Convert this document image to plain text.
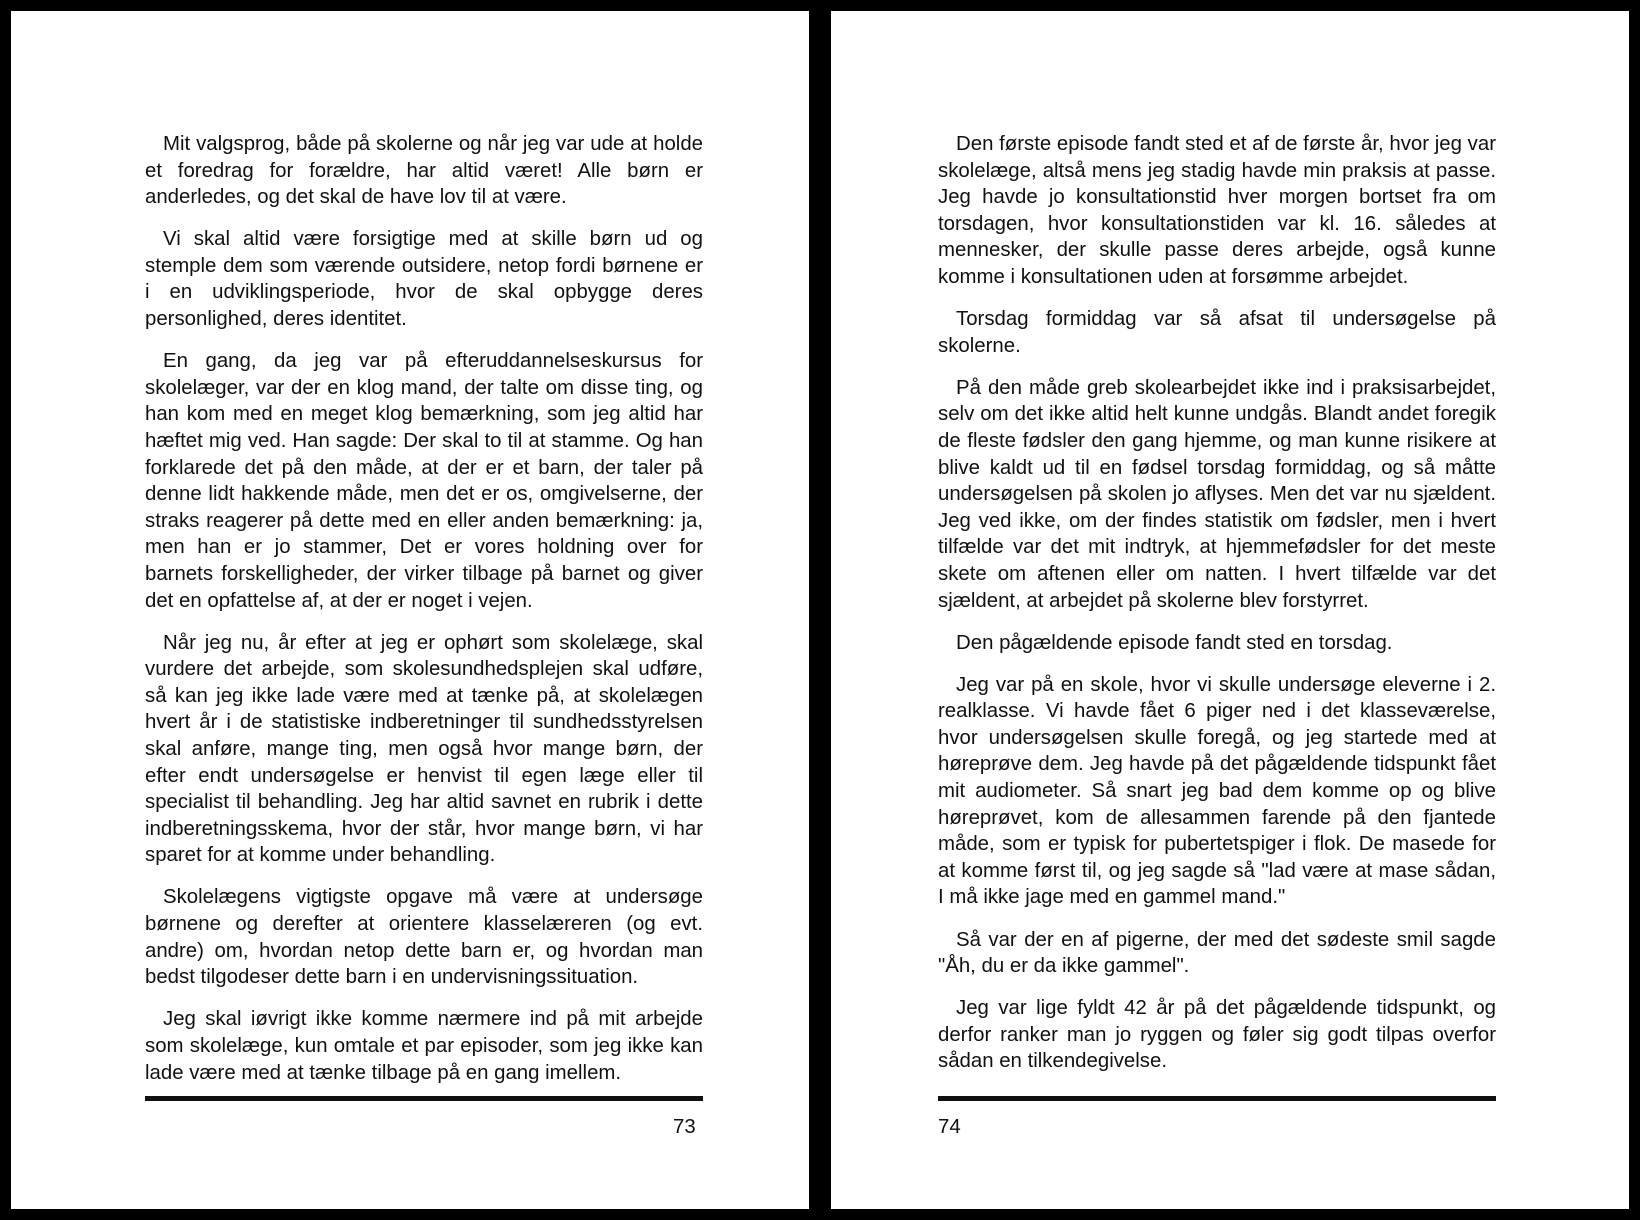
Mit valgsprog, både på skolerne og når jeg var ude at holde et foredrag for forældre, har altid været! Alle børn er anderledes, og det skal de have lov til at være.

Vi skal altid være forsigtige med at skille børn ud og stemple dem som værende outsidere, netop fordi børnene er i en udviklingsperiode, hvor de skal opbygge deres personlighed, deres identitet.

En gang, da jeg var på efteruddannelseskursus for skolelæger, var der en klog mand, der talte om disse ting, og han kom med en meget klog bemærkning, som jeg altid har hæftet mig ved. Han sagde: Der skal to til at stamme. Og han forklarede det på den måde, at der er et barn, der taler på denne lidt hakkende måde, men det er os, omgivelserne, der straks reagerer på dette med en eller anden bemærkning: ja, men han er jo stammer, Det er vores holdning over for barnets forskelligheder, der virker tilbage på barnet og giver det en opfattelse af, at der er noget i vejen.

Når jeg nu, år efter at jeg er ophørt som skolelæge, skal vurdere det arbejde, som skolesundhedsplejen skal udføre, så kan jeg ikke lade være med at tænke på, at skolelægen hvert år i de statistiske indberetninger til sundhedsstyrelsen skal anføre, mange ting, men også hvor mange børn, der efter endt undersøgelse er henvist til egen læge eller til specialist til behandling. Jeg har altid savnet en rubrik i dette indberetningsskema, hvor der står, hvor mange børn, vi har sparet for at komme under behandling.

Skolelægens vigtigste opgave må være at undersøge børnene og derefter at orientere klasselæreren (og evt. andre) om, hvordan netop dette barn er, og hvordan man bedst tilgodeser dette barn i en undervisningssituation.

Jeg skal iøvrigt ikke komme nærmere ind på mit arbejde som skolelæge, kun omtale et par episoder, som jeg ikke kan lade være med at tænke tilbage på en gang imellem.

73

Den første episode fandt sted et af de første år, hvor jeg var skolelæge, altså mens jeg stadig havde min praksis at passe. Jeg havde jo konsultationstid hver morgen bortset fra om torsdagen, hvor konsultationstiden var kl. 16. således at mennesker, der skulle passe deres arbejde, også kunne komme i konsultationen uden at forsømme arbejdet.

Torsdag formiddag var så afsat til undersøgelse på skolerne.

På den måde greb skolearbejdet ikke ind i praksisarbejdet, selv om det ikke altid helt kunne undgås. Blandt andet foregik de fleste fødsler den gang hjemme, og man kunne risikere at blive kaldt ud til en fødsel torsdag formiddag, og så måtte undersøgelsen på skolen jo aflyses. Men det var nu sjældent. Jeg ved ikke, om der findes statistik om fødsler, men i hvert tilfælde var det mit indtryk, at hjemmefødsler for det meste skete om aftenen eller om natten. I hvert tilfælde var det sjældent, at arbejdet på skolerne blev forstyrret.

Den pågældende episode fandt sted en torsdag.

Jeg var på en skole, hvor vi skulle undersøge eleverne i 2. realklasse. Vi havde fået 6 piger ned i det klasseværelse, hvor undersøgelsen skulle foregå, og jeg startede med at høreprøve dem. Jeg havde på det pågældende tidspunkt fået mit audiometer. Så snart jeg bad dem komme op og blive høreprøvet, kom de allesammen farende på den fjantede måde, som er typisk for pubertetspiger i flok. De masede for at komme først til, og jeg sagde så "lad være at mase sådan, I må ikke jage med en gammel mand."

Så var der en af pigerne, der med det sødeste smil sagde "Åh, du er da ikke gammel".

Jeg var lige fyldt 42 år på det pågældende tidspunkt, og derfor ranker man jo ryggen og føler sig godt tilpas overfor sådan en tilkendegivelse.

74
